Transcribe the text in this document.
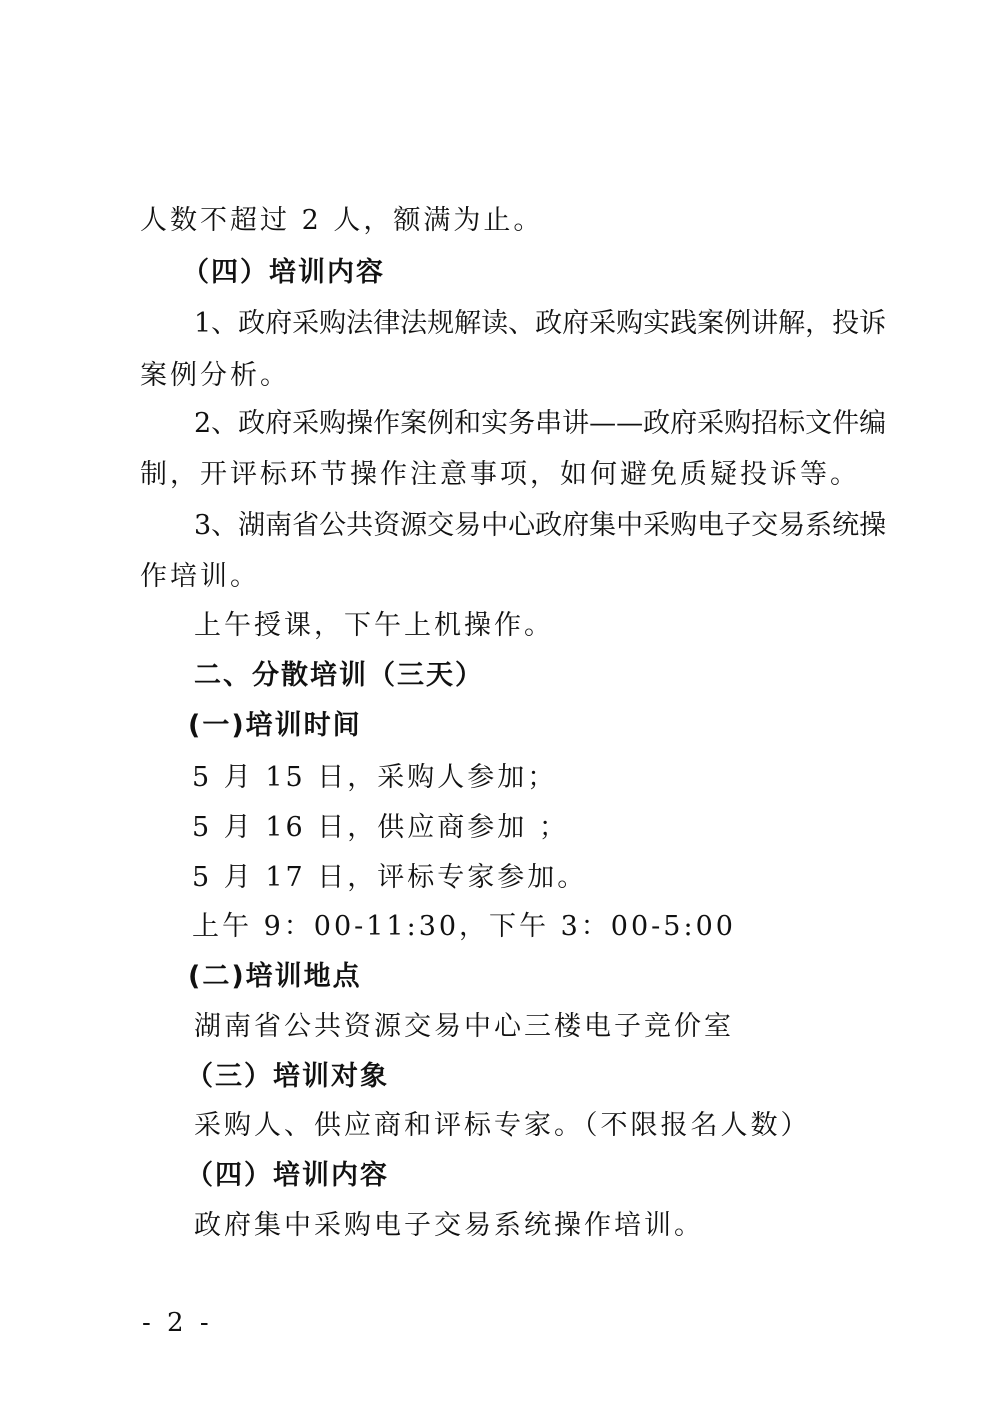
人数不超过 2 人，额满为止。
（四）培训内容
1、政府采购法律法规解读、政府采购实践案例讲解，投诉
案例分析。
2、政府采购操作案例和实务串讲——政府采购招标文件编
制，开评标环节操作注意事项，如何避免质疑投诉等。
3、湖南省公共资源交易中心政府集中采购电子交易系统操
作培训。
上午授课，下午上机操作。
二、分散培训（三天）
(一)培训时间
5 月 15 日，采购人参加；
5 月 16 日，供应商参加 ；
5 月 17 日，评标专家参加。
上午 9：00-11:30，下午 3：00-5:00
(二)培训地点
湖南省公共资源交易中心三楼电子竞价室
（三）培训对象
采购人、供应商和评标专家。（不限报名人数）
（四）培训内容
政府集中采购电子交易系统操作培训。
- 2 -
